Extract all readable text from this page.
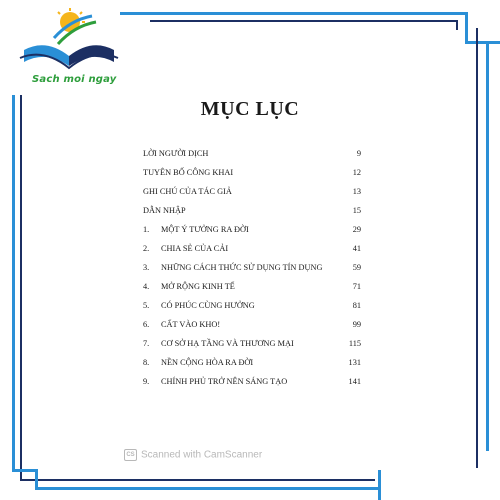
Sach moi ngay
MỤC LỤC
LỜI NGƯỜI DỊCH	9
TUYÊN BỐ CÔNG KHAI	12
GHI CHÚ CỦA TÁC GIẢ	13
DẪN NHẬP	15
1. MỘT Ý TƯỞNG RA ĐỜI	29
2. CHIA SẺ CỦA CẢI	41
3. NHỮNG CÁCH THỨC SỬ DỤNG TÍN DỤNG	59
4. MỞ RỘNG KINH TẾ	71
5. CÓ PHÚC CÙNG HƯỞNG	81
6. CẤT VÀO KHO!	99
7. CƠ SỞ HẠ TẦNG VÀ THƯƠNG MẠI	115
8. NỀN CỘNG HÒA RA ĐỜI	131
9. CHÍNH PHỦ TRỞ NÊN SÁNG TẠO	141
CS Scanned with CamScanner
